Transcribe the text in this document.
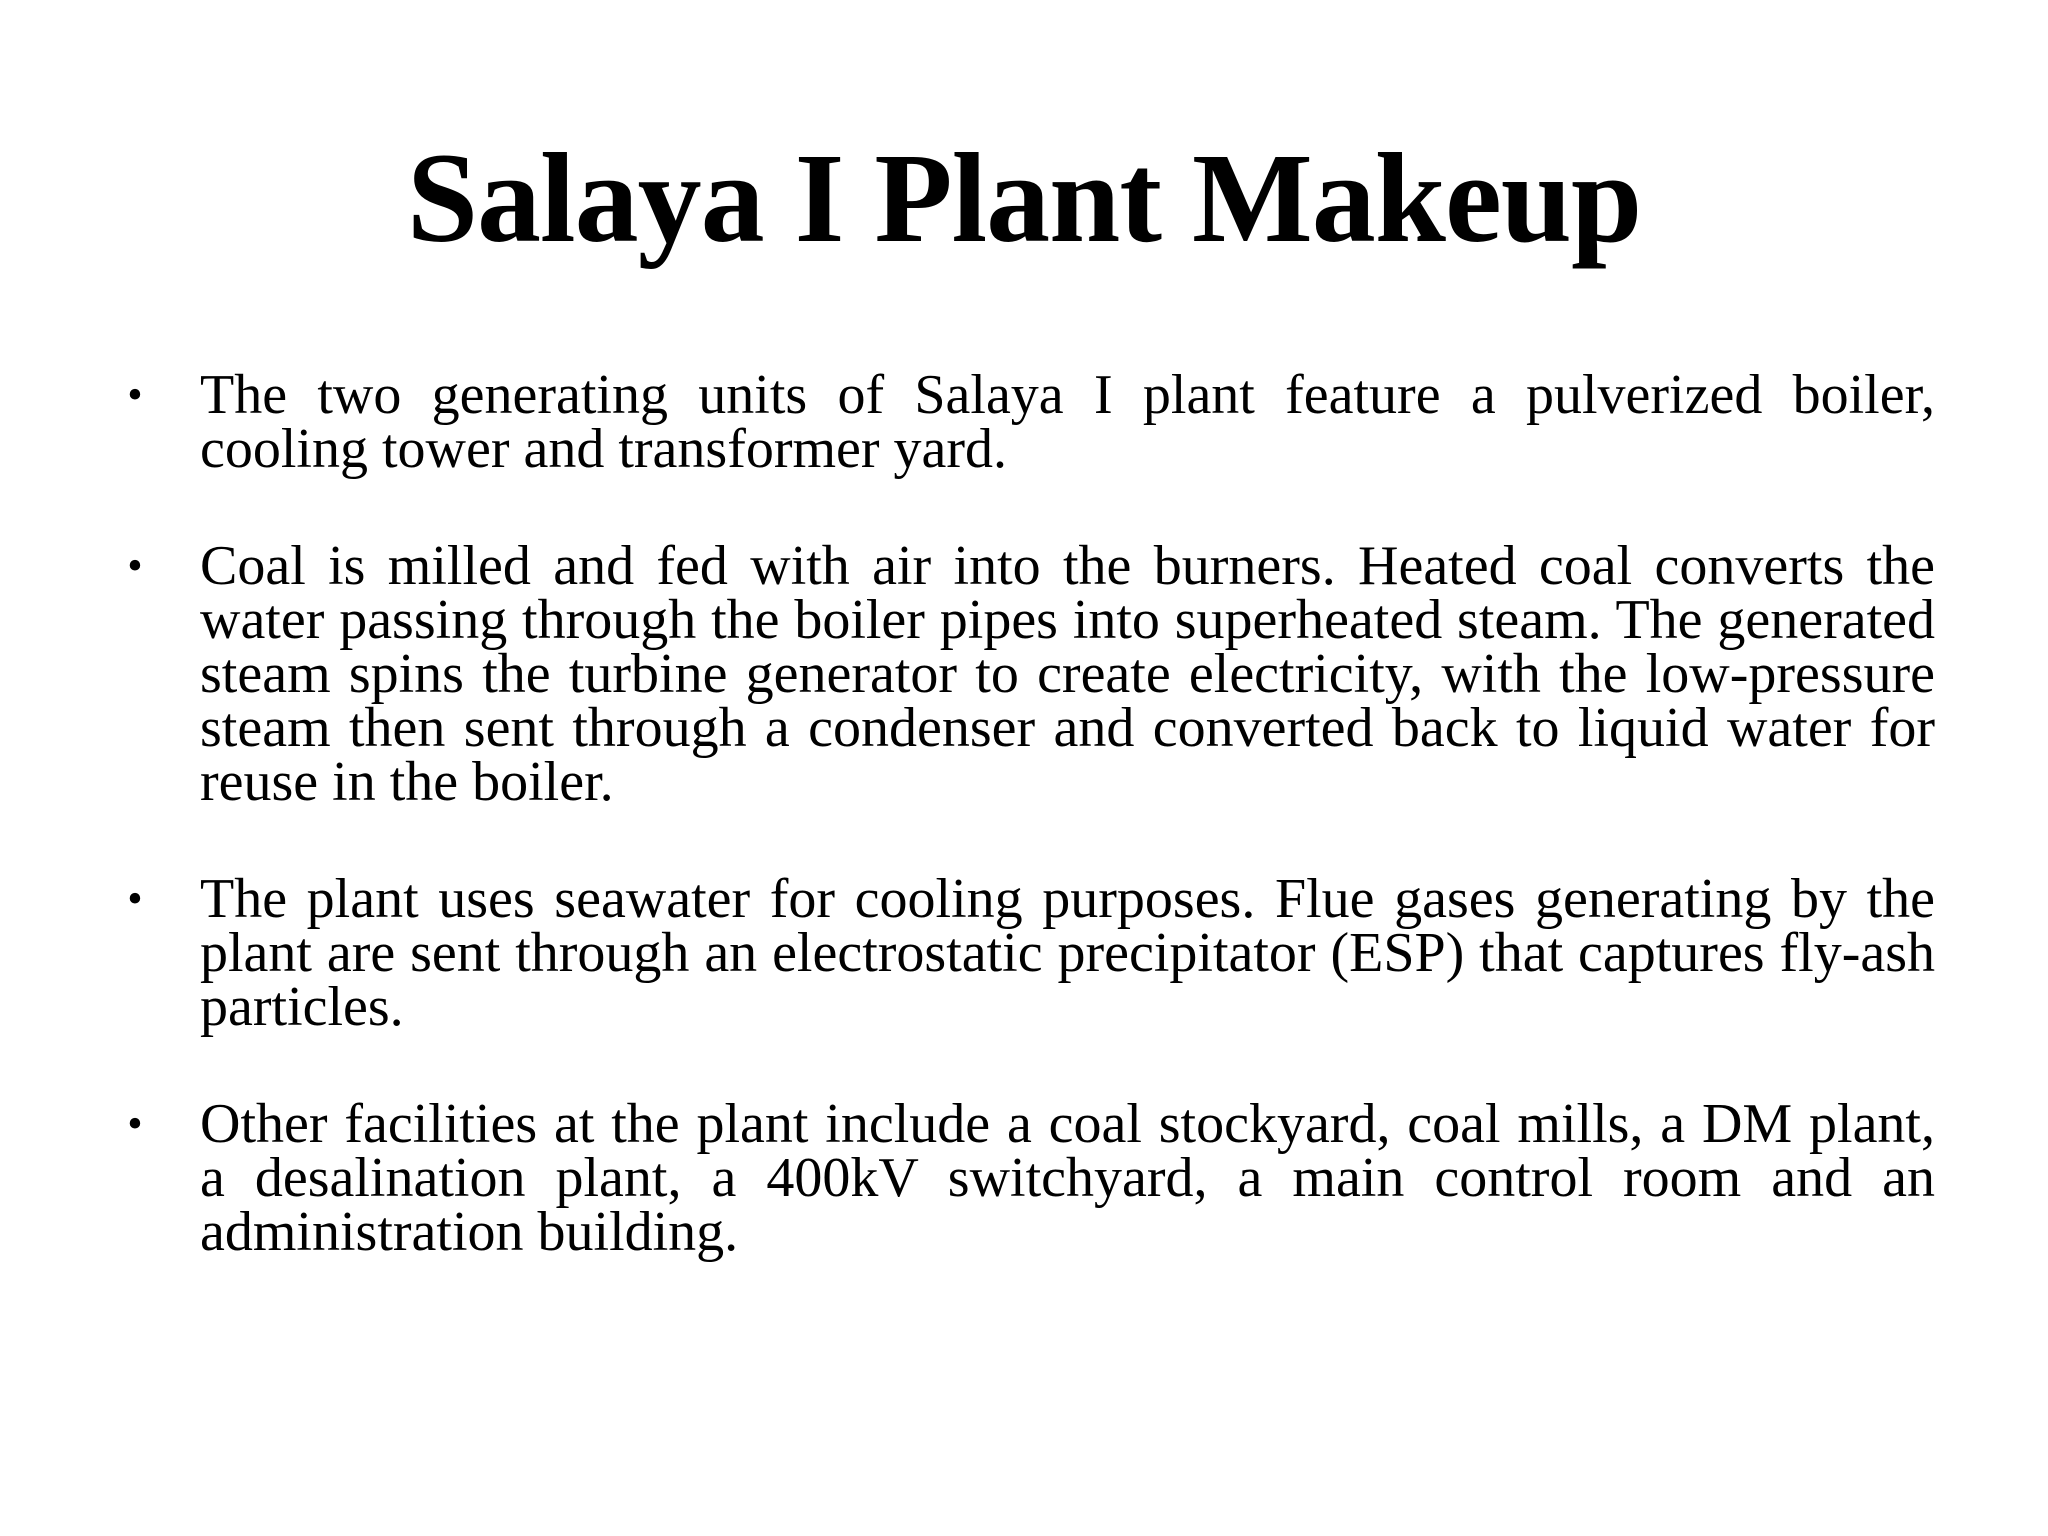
Salaya I Plant Makeup
• The two generating units of Salaya I plant feature a pulverized boiler, cooling tower and transformer yard.
• Coal is milled and fed with air into the burners. Heated coal converts the water passing through the boiler pipes into superheated steam. The generated steam spins the turbine generator to create electricity, with the low-pressure steam then sent through a condenser and converted back to liquid water for reuse in the boiler.
• The plant uses seawater for cooling purposes. Flue gases generating by the plant are sent through an electrostatic precipitator (ESP) that captures fly-ash particles.
• Other facilities at the plant include a coal stockyard, coal mills, a DM plant, a desalination plant, a 400kV switchyard, a main control room and an administration building.
